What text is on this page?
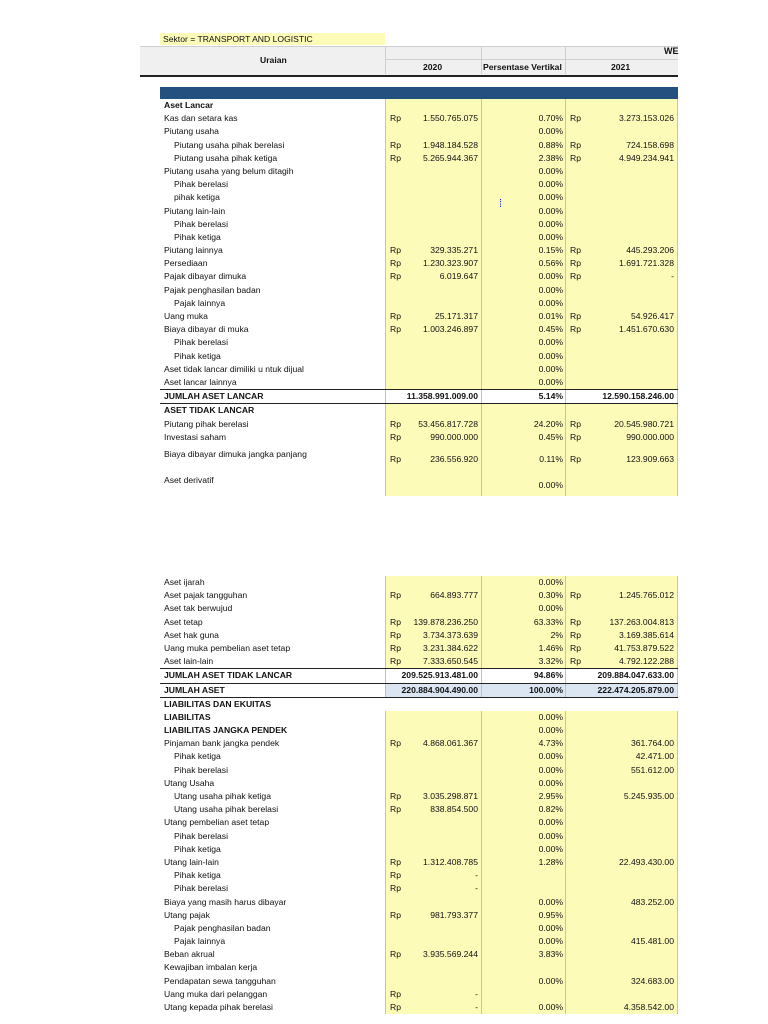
Sektor = TRANSPORT AND LOGISTIC
WE
Uraian
2020	Persentase Vertikal	2021
Aset Lancar
Kas dan setara kas	Rp	1.550.765.075	0.70% Rp	3.273.153.026
Piutang usaha	0.00%
Piutang usaha pihak berelasi	Rp	1.948.184.528	0.88% Rp	724.158.698
Piutang usaha pihak ketiga	Rp	5.265.944.367	2.38% Rp	4.949.234.941
Piutang usaha yang belum ditagih	0.00%
Pihak berelasi	0.00%
pihak ketiga	0.00%
Piutang lain-lain	0.00%
Pihak berelasi	0.00%
Pihak ketiga	0.00%
Piutang lainnya	Rp	329.335.271	0.15% Rp	445.293.206
Persediaan	Rp	1.230.323.907	0.56% Rp	1.691.721.328
Pajak dibayar dimuka	Rp	6.019.647	0.00% Rp	-
Pajak penghasilan badan	0.00%
Pajak lainnya	0.00%
Uang muka	Rp	25.171.317	0.01% Rp	54.926.417
Biaya dibayar di muka	Rp	1.003.246.897	0.45% Rp	1.451.670.630
Pihak berelasi	0.00%
Pihak ketiga	0.00%
Aset tidak lancar dimiliki u ntuk dijual	0.00%
Aset lancar lainnya	0.00%
JUMLAH ASET LANCAR	11.358.991.009.00	5.14%	12.590.158.246.00
ASET TIDAK LANCAR
Piutang pihak berelasi	Rp 53.456.817.728	24.20% Rp	20.545.980.721
Investasi saham	Rp	990.000.000	0.45% Rp	990.000.000
Biaya dibayar dimuka jangka panjang	Rp	236.556.920	0.11% Rp	123.909.663
Aset derivatif	0.00%
Aset ijarah	0.00%
Aset pajak tangguhan	Rp	664.893.777	0.30% Rp	1.245.765.012
Aset tak berwujud	0.00%
Aset tetap	Rp 139.878.236.250	63.33% Rp	137.263.004.813
Aset hak guna	Rp	3.734.373.639	2% Rp	3.169.385.614
Uang muka pembelian aset tetap	Rp	3.231.384.622	1.46% Rp	41.753.879.522
Aset lain-lain	Rp	7.333.650.545	3.32% Rp	4.792.122.288
JUMLAH ASET TIDAK LANCAR	209.525.913.481.00	94.86%	209.884.047.633.00
JUMLAH ASET	220.884.904.490.00	100.00%	222.474.205.879.00
LIABILITAS DAN EKUITAS
LIABILITAS	0.00%
LIABILITAS JANGKA PENDEK	0.00%
Pinjaman bank jangka pendek	Rp	4.868.061.367	4.73%	361.764.00
Pihak ketiga	0.00%	42.471.00
Pihak berelasi	0.00%	551.612.00
Utang Usaha	0.00%
Utang usaha pihak ketiga	Rp	3.035.298.871	2.95%	5.245.935.00
Utang usaha pihak berelasi	Rp	838.854.500	0.82%
Utang pembelian aset tetap	0.00%
Pihak berelasi	0.00%
Pihak ketiga	0.00%
Utang lain-lain	Rp	1.312.408.785	1.28%	22.493.430.00
Pihak ketiga	Rp	-
Pihak berelasi	Rp	-
Biaya yang masih harus dibayar	0.00%	483.252.00
Utang pajak	Rp	981.793.377	0.95%
Pajak penghasilan badan	0.00%
Pajak lainnya	0.00%	415.481.00
Beban akrual	Rp	3.935.569.244	3.83%
Kewajiban imbalan kerja
Pendapatan sewa tangguhan	0.00%	324.683.00
Uang muka dari pelanggan	Rp	-
Utang kepada pihak berelasi	Rp	-	0.00%	4.358.542.00
⁞
